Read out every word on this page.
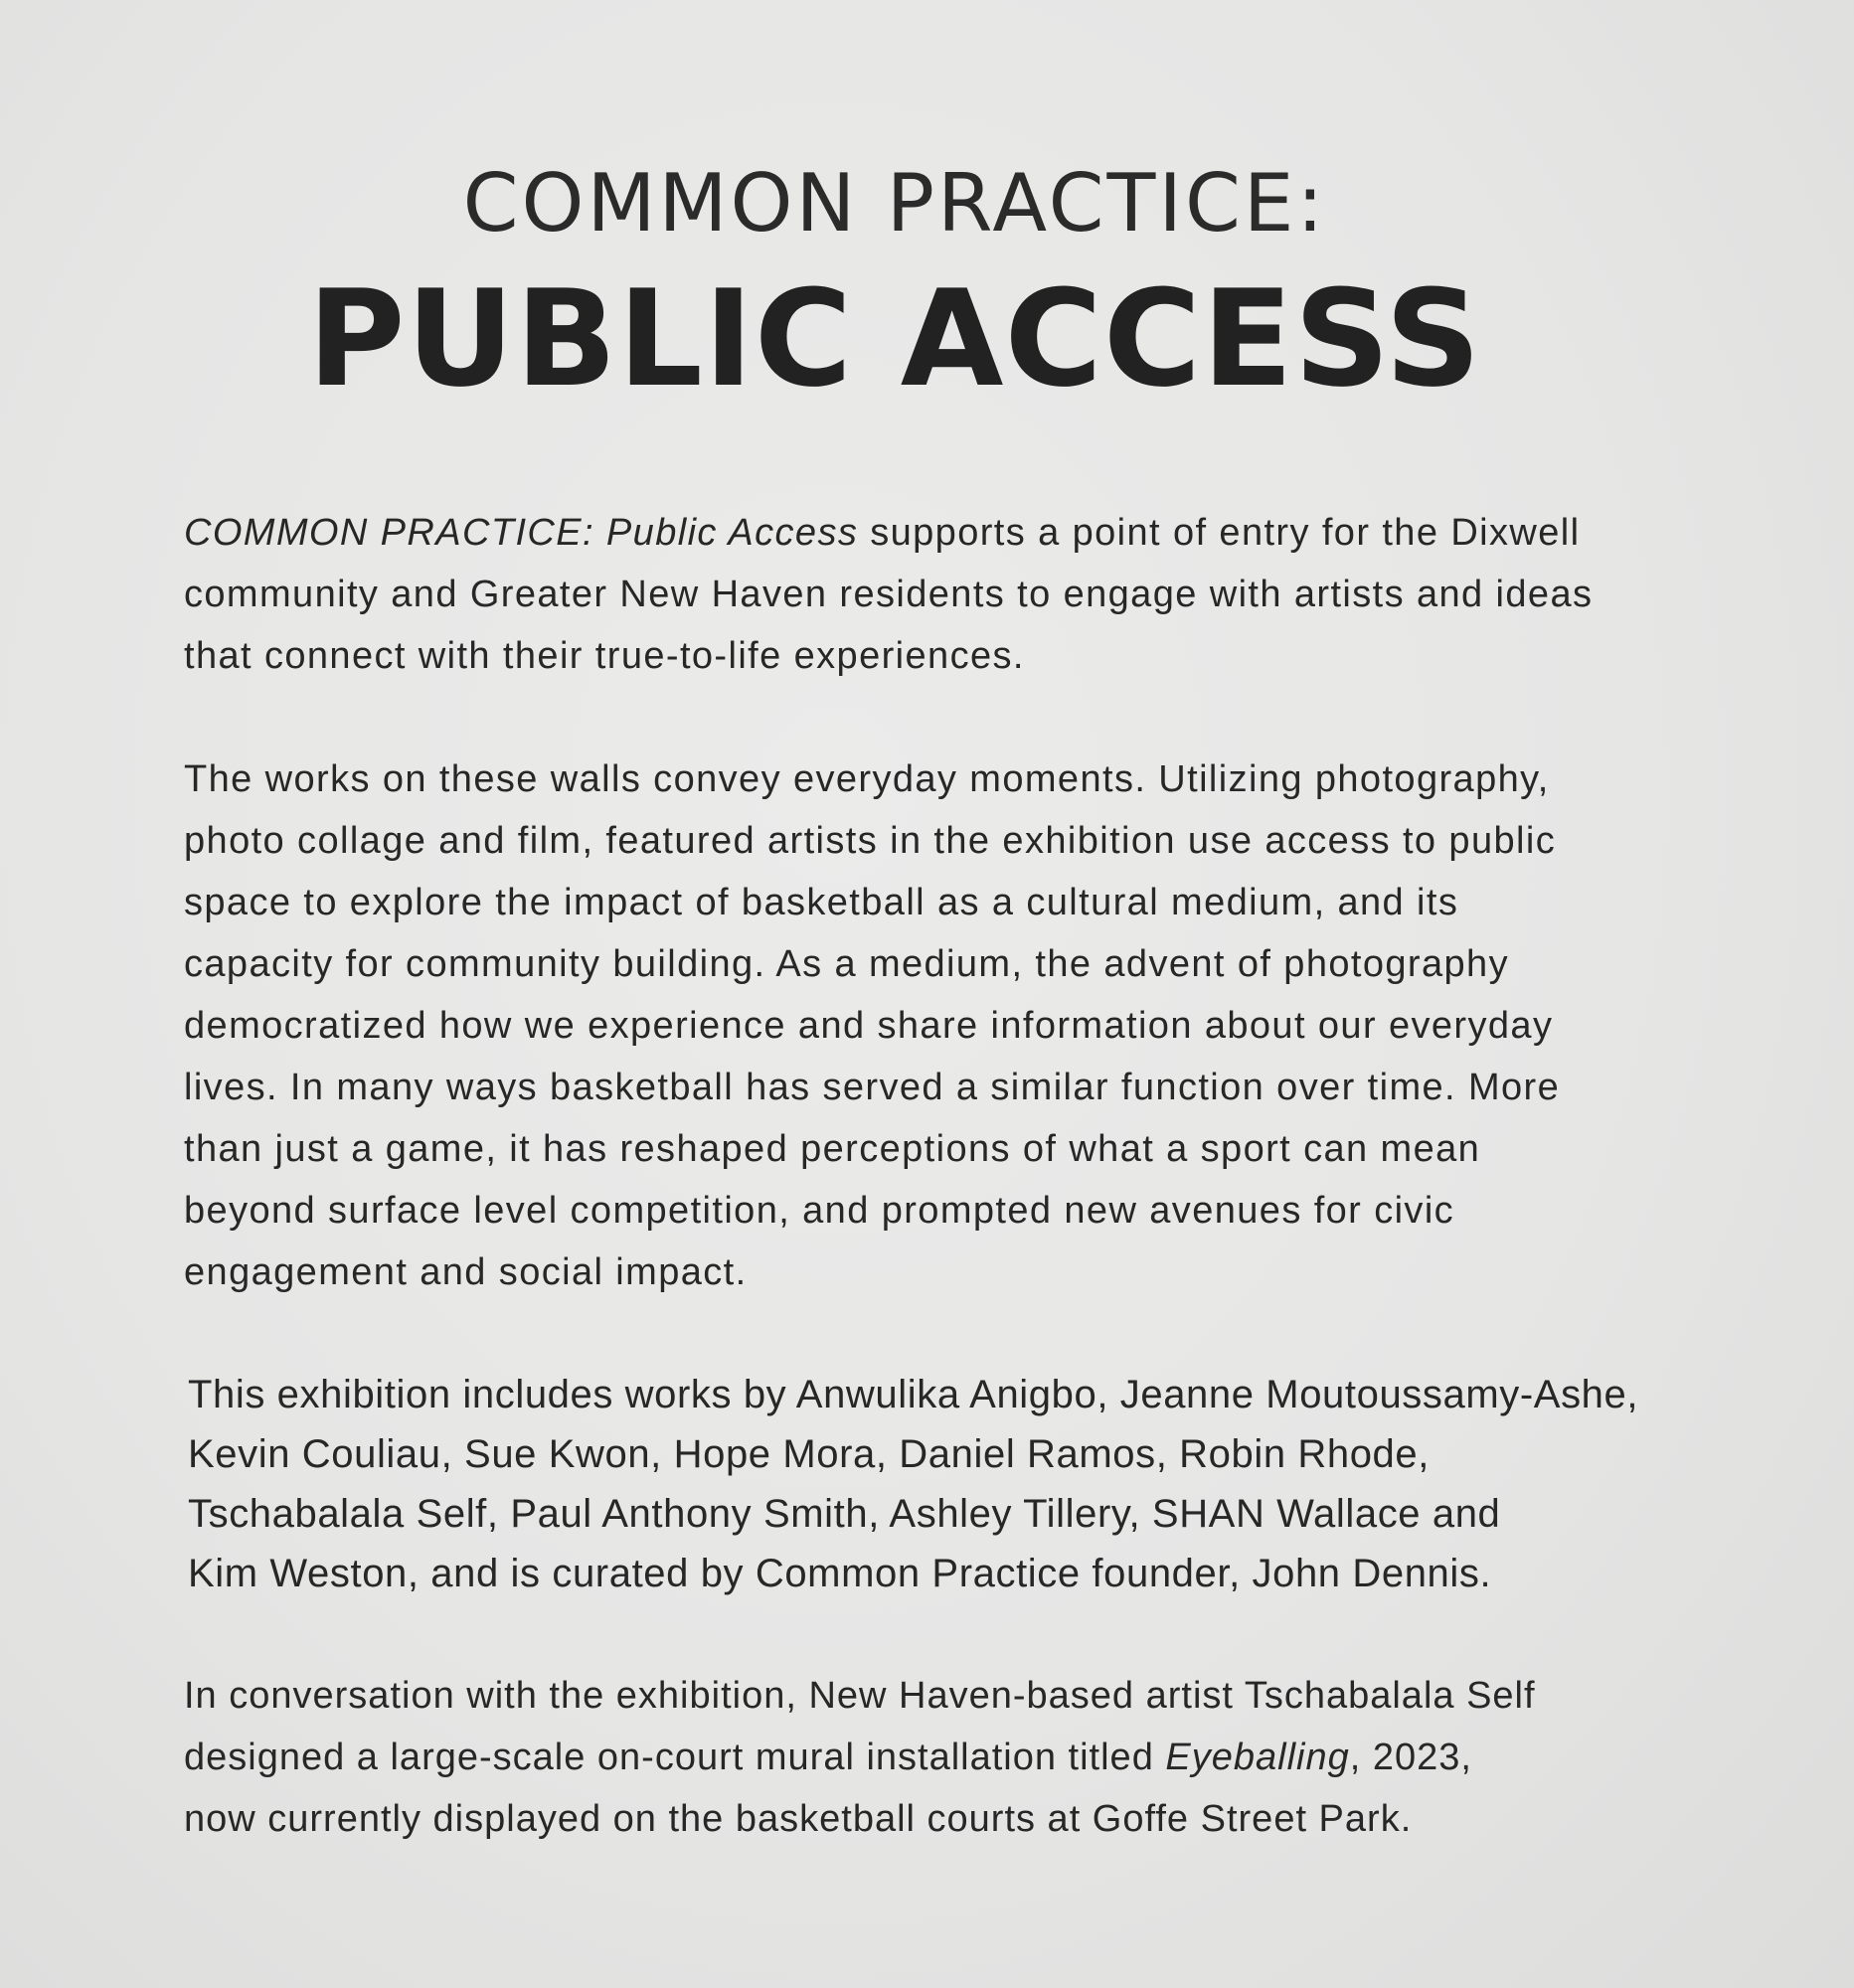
COMMON PRACTICE:
PUBLIC ACCESS

COMMON PRACTICE: Public Access supports a point of entry for the Dixwell
community and Greater New Haven residents to engage with artists and ideas
that connect with their true-to-life experiences.

The works on these walls convey everyday moments. Utilizing photography,
photo collage and film, featured artists in the exhibition use access to public
space to explore the impact of basketball as a cultural medium, and its
capacity for community building. As a medium, the advent of photography
democratized how we experience and share information about our everyday
lives. In many ways basketball has served a similar function over time. More
than just a game, it has reshaped perceptions of what a sport can mean
beyond surface level competition, and prompted new avenues for civic
engagement and social impact.

This exhibition includes works by Anwulika Anigbo, Jeanne Moutoussamy-Ashe,
Kevin Couliau, Sue Kwon, Hope Mora, Daniel Ramos, Robin Rhode,
Tschabalala Self, Paul Anthony Smith, Ashley Tillery, SHAN Wallace and
Kim Weston, and is curated by Common Practice founder, John Dennis.

In conversation with the exhibition, New Haven-based artist Tschabalala Self
designed a large-scale on-court mural installation titled Eyeballing, 2023,
now currently displayed on the basketball courts at Goffe Street Park.
